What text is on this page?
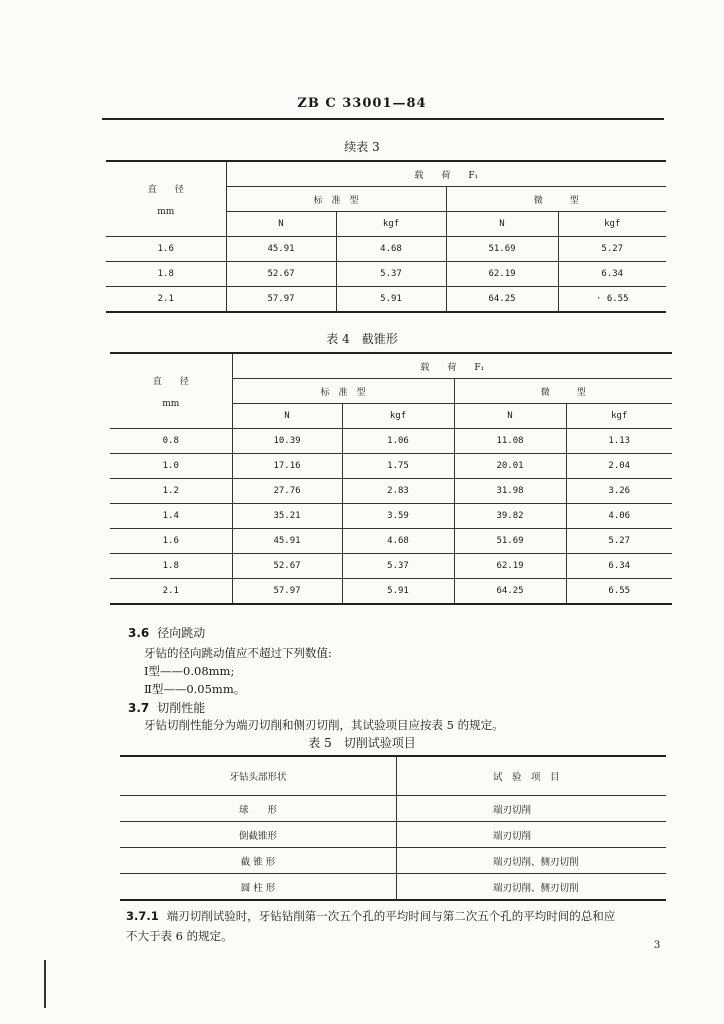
ZB C 33001—84
续表 3
直　　径
mm	载　　荷　　F₁			
	标　准　型		微　　　型	
	N	kgf	N	kgf
1.6	45.91	4.68	51.69	5.27
1.8	52.67	5.37	62.19	6.34
2.1	57.97	5.91	64.25	· 6.55
表 4　截锥形
直　　径
mm	载　　荷　　F₁			
	标　准　型		微　　　型	
	N	kgf	N	kgf
0.8	10.39	1.06	11.08	1.13
1.0	17.16	1.75	20.01	2.04
1.2	27.76	2.83	31.98	3.26
1.4	35.21	3.59	39.82	4.06
1.6	45.91	4.68	51.69	5.27
1.8	52.67	5.37	62.19	6.34
2.1	57.97	5.91	64.25	6.55
3.6 径向跳动
牙钻的径向跳动值应不超过下列数值:
Ⅰ型——0.08mm;
Ⅱ型——0.05mm。
3.7 切削性能
牙钻切削性能分为端刃切削和侧刃切削，其试验项目应按表 5 的规定。
表 5　切削试验项目
牙钻头部形状	试　验　项　目
球　　形	端刃切削
倒截锥形	端刃切削
截 锥 形	端刃切削、侧刃切削
圆 柱 形	端刃切削、侧刃切削
3.7.1 端刃切削试验时，牙钻钻削第一次五个孔的平均时间与第二次五个孔的平均时间的总和应
不大于表 6 的规定。
3
